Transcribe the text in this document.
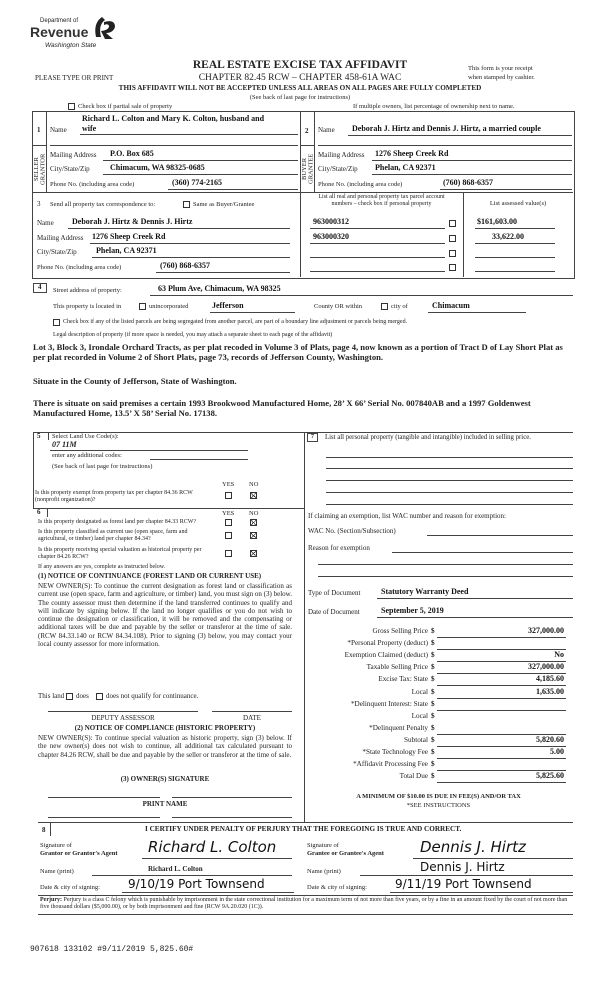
Department of
Revenue
Washington State
REAL ESTATE EXCISE TAX AFFIDAVIT
PLEASE TYPE OR PRINT	CHAPTER 82.45 RCW – CHAPTER 458-61A WAC
This form is your receipt
when stamped by cashier.
THIS AFFIDAVIT WILL NOT BE ACCEPTED UNLESS ALL AREAS ON ALL PAGES ARE FULLY COMPLETED
(See back of last page for instructions)
Check box if partial sale of property	If multiple owners, list percentage of ownership next to name.
1
SELLER GRANTOR
Name
Richard L. Colton and Mary K. Colton, husband and
wife
Mailing Address P.O. Box 685
City/State/Zip	Chimacum, WA 98325-0685
Phone No. (including area code)	(360) 774-2165
2
BUYER GRANTEE
Name Deborah J. Hirtz and Dennis J. Hirtz, a married couple
Mailing Address 1276 Sheep Creek Rd
City/State/Zip Phelan, CA 92371
Phone No. (including area code)	(760) 868-6357
3 Send all property tax correspondence to:	Same as Buyer/Grantee
Name Deborah J. Hirtz & Dennis J. Hirtz
Mailing Address 1276 Sheep Creek Rd
City/State/Zip Phelan, CA 92371
Phone No. (including area code)	(760) 868-6357
List all real and personal property tax parcel account
numbers – check box if personal property	List assessed value(s)
963000312	$161,603.00
963000320	33,622.00
4	Street address of property:	63 Plum Ave, Chimacum, WA 98325
This property is located in	unincorporated	Jefferson	County OR within	city of	Chimacum
Check box if any of the listed parcels are being segregated from another parcel, are part of a boundary line adjustment or parcels being merged.
Legal description of property (if more space is needed, you may attach a separate sheet to each page of the affidavit)
Lot 3, Block 3, Irondale Orchard Tracts, as per plat recoded in Volume 3 of Plats, page 4, now known as a portion of Tract D of Lay Short Plat as per plat recorded in Volume 2 of Short Plats, page 73, records of Jefferson County, Washington.
Situate in the County of Jefferson, State of Washington.
There is situate on said premises a certain 1993 Brookwood Manufactured Home, 28’ X 66’ Serial No. 007840AB and a 1997 Goldenwest Manufactured Home, 13.5’ X 58’ Serial No. 17138.
5 Select Land Use Code(s):
07 11M
enter any additional codes:
(See back of last page for instructions)
YES NO
Is this property exempt from property tax per chapter 84.36 RCW (nonprofit organization)?
6	YES NO
Is this property designated as forest land per chapter 84.33 RCW?
Is this property classified as current use (open space, farm and agricultural, or timber) land per chapter 84.34?
Is this property receiving special valuation as historical property per chapter 84.26 RCW?
If any answers are yes, complete as instructed below.
(1) NOTICE OF CONTINUANCE (FOREST LAND OR CURRENT USE)
NEW OWNER(S): To continue the current designation as forest land or classification as current use (open space, farm and agriculture, or timber) land, you must sign on (3) below. The county assessor must then determine if the land transferred continues to qualify and will indicate by signing below. If the land no longer qualifies or you do not wish to continue the designation or classification, it will be removed and the compensating or additional taxes will be due and payable by the seller or transferor at the time of sale. (RCW 84.33.140 or RCW 84.34.108). Prior to signing (3) below, you may contact your local county assessor for more information.
This land does does not qualify for continuance.
DEPUTY ASSESSOR	DATE
(2) NOTICE OF COMPLIANCE (HISTORIC PROPERTY)
NEW OWNER(S): To continue special valuation as historic property, sign (3) below. If the new owner(s) does not wish to continue, all additional tax calculated pursuant to chapter 84.26 RCW, shall be due and payable by the seller or transferor at the time of sale.
(3) OWNER(S) SIGNATURE
PRINT NAME
7	List all personal property (tangible and intangible) included in selling price.
If claiming an exemption, list WAC number and reason for exemption:
WAC No. (Section/Subsection)
Reason for exemption
Type of Document	Statutory Warranty Deed
Date of Document	September 5, 2019
Gross Selling Price $	327,000.00
*Personal Property (deduct) $
Exemption Claimed (deduct) $	No
Taxable Selling Price $	327,000.00
Excise Tax: State $	4,185.60
Local $	1,635.00
*Delinquent Interest: State $
Local $
*Delinquent Penalty $
Subtotal $	5,820.60
*State Technology Fee $	5.00
*Affidavit Processing Fee $
Total Due $	5,825.60
A MINIMUM OF $10.00 IS DUE IN FEE(S) AND/OR TAX
*SEE INSTRUCTIONS
8	I CERTIFY UNDER PENALTY OF PERJURY THAT THE FOREGOING IS TRUE AND CORRECT.
Signature of
Grantor or Grantor's Agent Richard L. Colton
Name (print)	Richard L. Colton
Date & city of signing: 9/10/19 Port Townsend
Signature of
Grantee or Grantee's Agent Dennis J. Hirtz
Name (print)	Dennis J. Hirtz
Date & city of signing: 9/11/19 Port Townsend
Perjury: Perjury is a class C felony which is punishable by imprisonment in the state correctional institution for a maximum term of not more than five years, or by a fine in an amount fixed by the court of not more than five thousand dollars ($5,000.00), or by both imprisonment and fine (RCW 9A.20.020 (1C)).
907618 133102 #9/11/2019 5,825.60#
